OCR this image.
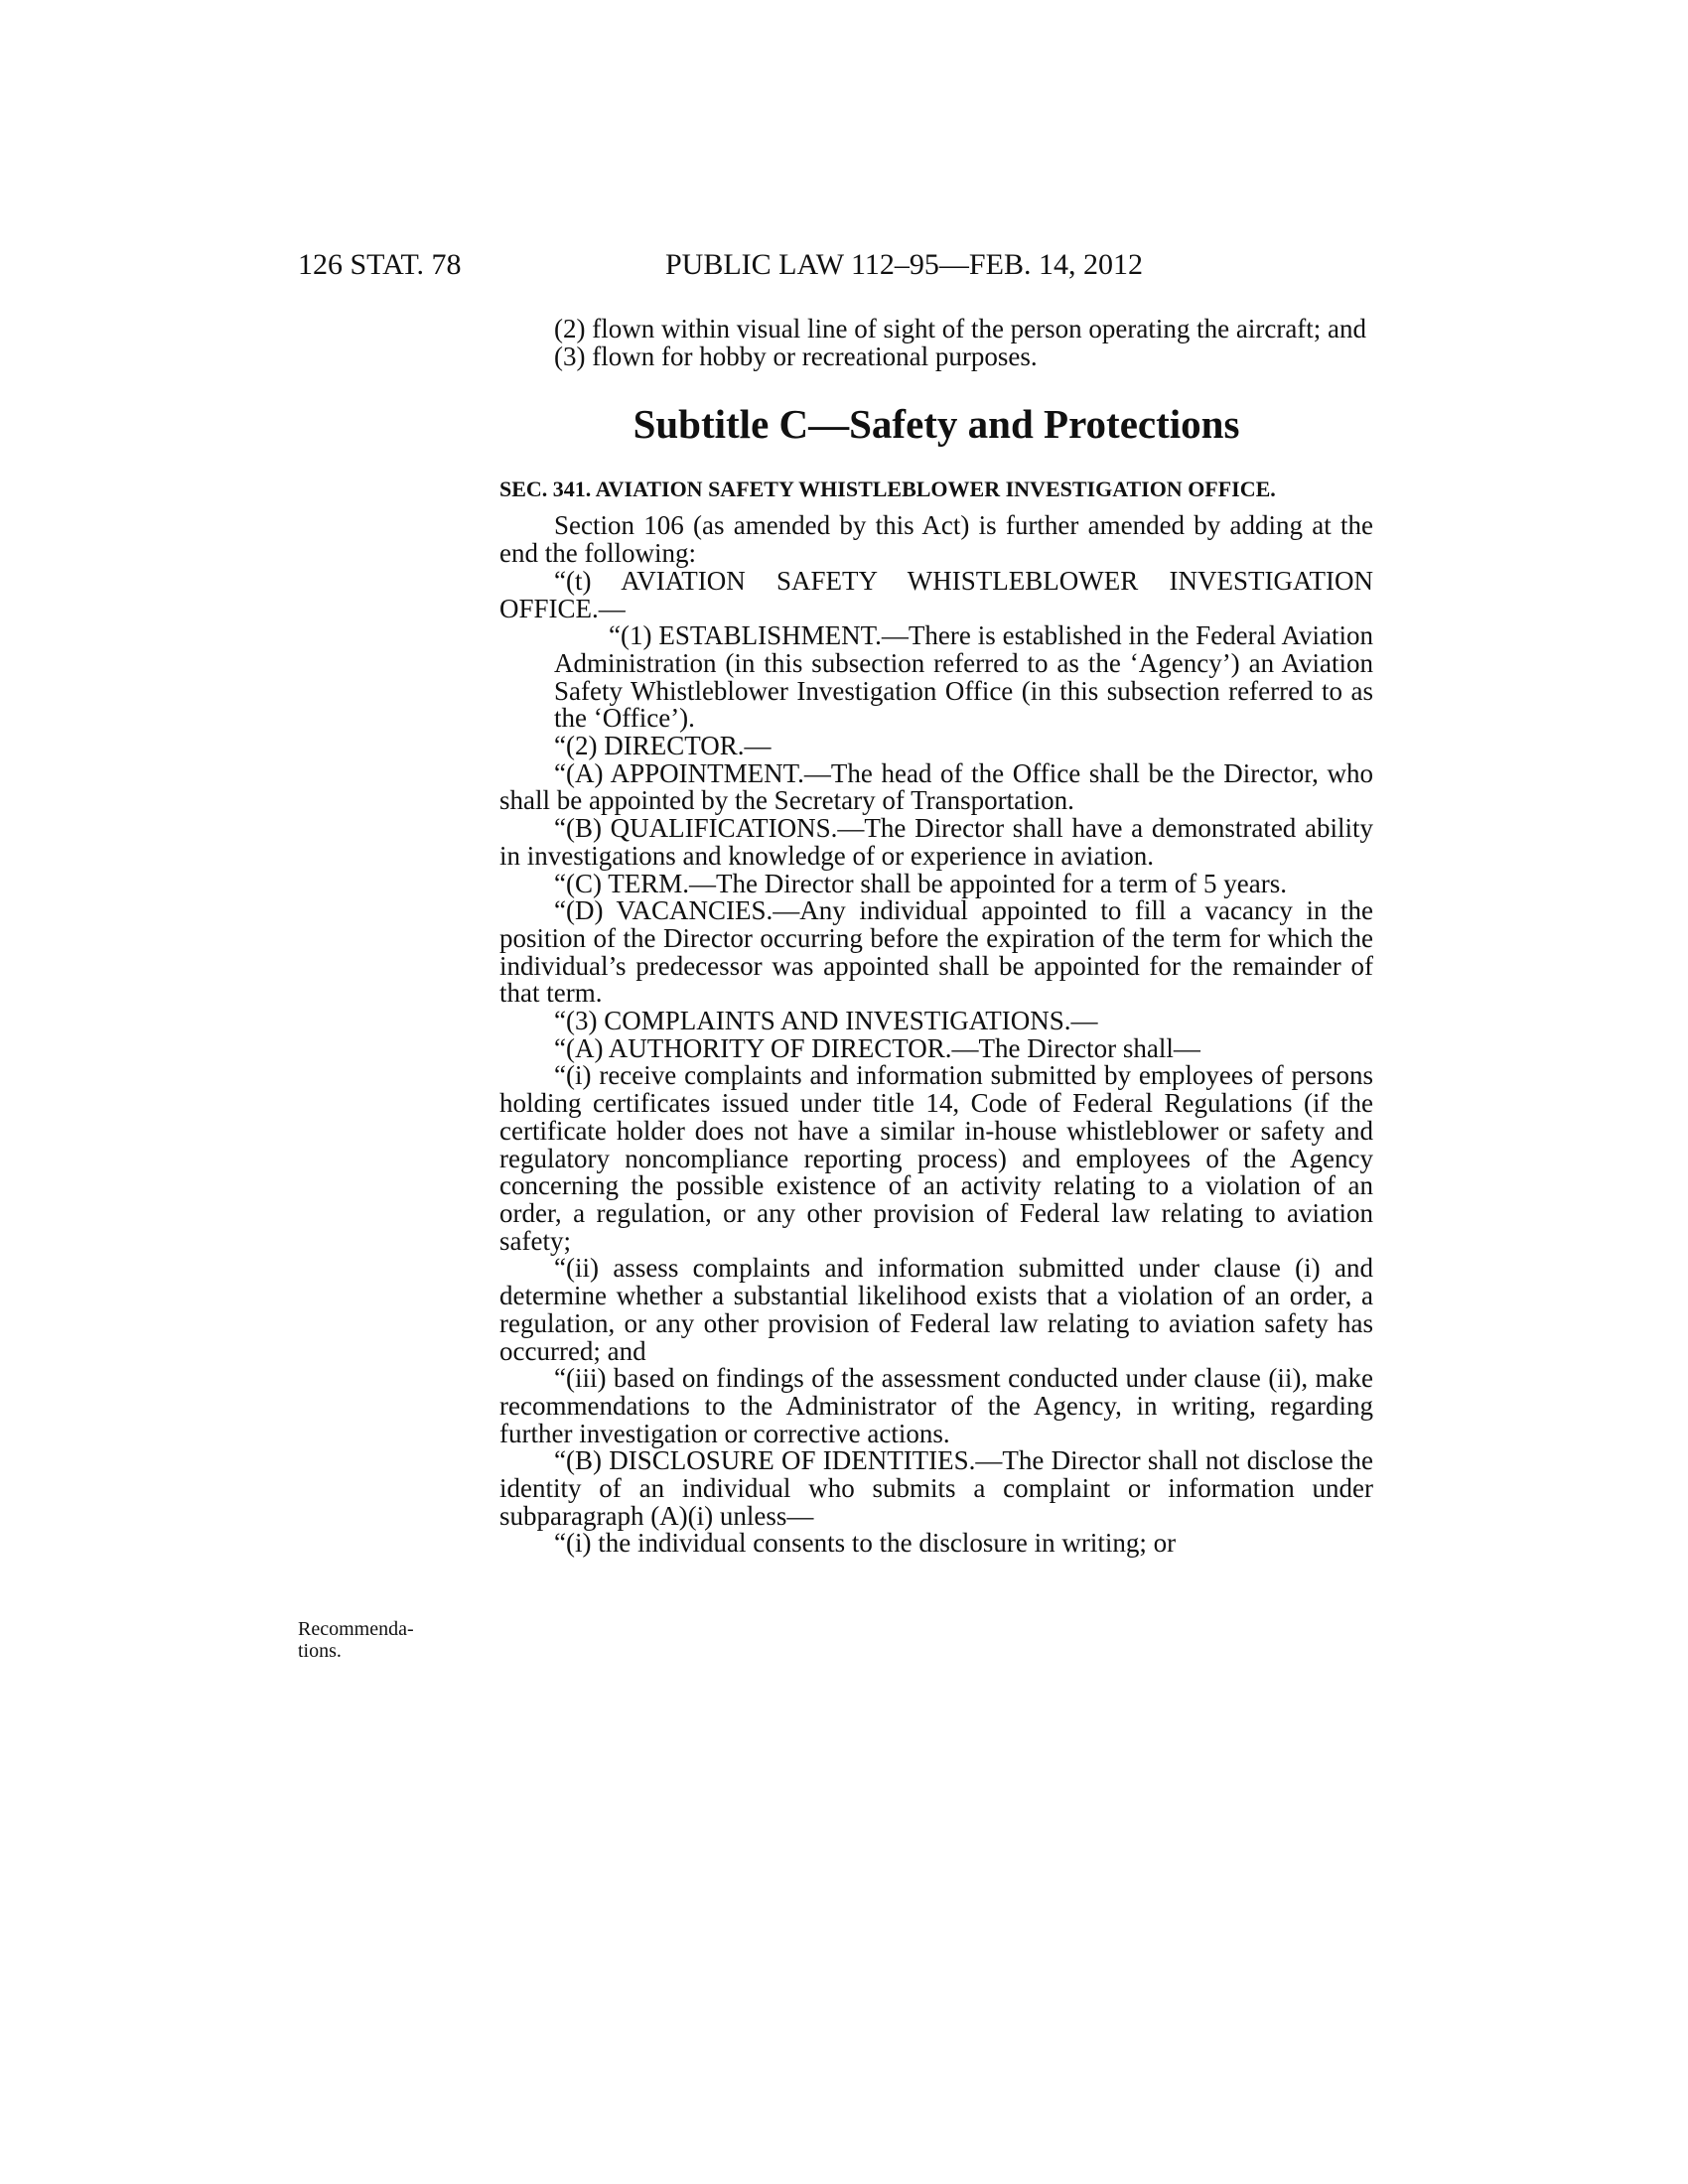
126 STAT. 78	PUBLIC LAW 112–95—FEB. 14, 2012
Recommenda-tions.

(2) flown within visual line of sight of the person operating the aircraft; and

(3) flown for hobby or recreational purposes.

Subtitle C—Safety and Protections

SEC. 341. AVIATION SAFETY WHISTLEBLOWER INVESTIGATION OFFICE.

Section 106 (as amended by this Act) is further amended by adding at the end the following:

“(t) AVIATION SAFETY WHISTLEBLOWER INVESTIGATION OFFICE.—

“(1) ESTABLISHMENT.—There is established in the Federal Aviation Administration (in this subsection referred to as the ‘Agency’) an Aviation Safety Whistleblower Investigation Office (in this subsection referred to as the ‘Office’).

“(2) DIRECTOR.—

“(A) APPOINTMENT.—The head of the Office shall be the Director, who shall be appointed by the Secretary of Transportation.

“(B) QUALIFICATIONS.—The Director shall have a demonstrated ability in investigations and knowledge of or experience in aviation.

“(C) TERM.—The Director shall be appointed for a term of 5 years.

“(D) VACANCIES.—Any individual appointed to fill a vacancy in the position of the Director occurring before the expiration of the term for which the individual’s predecessor was appointed shall be appointed for the remainder of that term.

“(3) COMPLAINTS AND INVESTIGATIONS.—

“(A) AUTHORITY OF DIRECTOR.—The Director shall—

“(i) receive complaints and information submitted by employees of persons holding certificates issued under title 14, Code of Federal Regulations (if the certificate holder does not have a similar in-house whistleblower or safety and regulatory noncompliance reporting process) and employees of the Agency concerning the possible existence of an activity relating to a violation of an order, a regulation, or any other provision of Federal law relating to aviation safety;

“(ii) assess complaints and information submitted under clause (i) and determine whether a substantial likelihood exists that a violation of an order, a regulation, or any other provision of Federal law relating to aviation safety has occurred; and

“(iii) based on findings of the assessment conducted under clause (ii), make recommendations to the Administrator of the Agency, in writing, regarding further investigation or corrective actions.

“(B) DISCLOSURE OF IDENTITIES.—The Director shall not disclose the identity of an individual who submits a complaint or information under subparagraph (A)(i) unless—

“(i) the individual consents to the disclosure in writing; or
